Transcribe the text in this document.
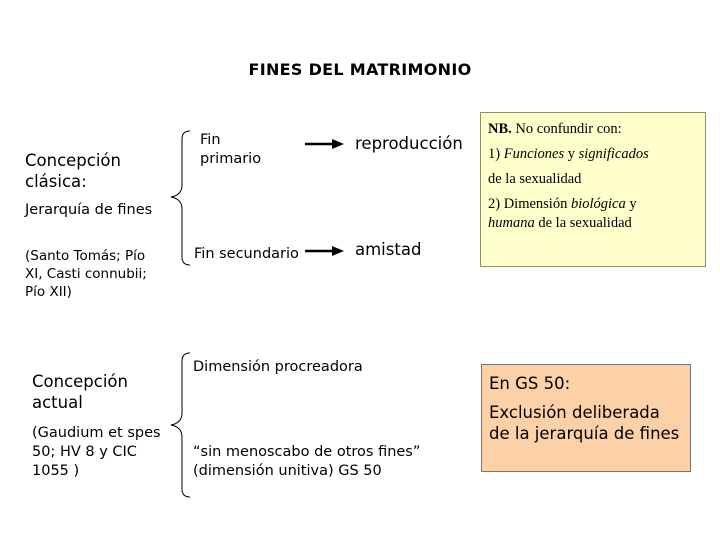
FINES DEL MATRIMONIO
Concepción clásica:
Jerarquía de fines
(Santo Tomás; Pío XI, Casti connubii; Pío XII)
Fin primario
Fin secundario
reproducción
amistad

NB. No confundir con:

1) Funciones y significados

de la sexualidad

2) Dimensión biológica y

humana de la sexualidad

Concepción actual
(Gaudium et spes 50; HV 8 y CIC 1055 )
Dimensión procreadora
“sin menoscabo de otros fines” (dimensión unitiva) GS 50

En GS 50:

Exclusión deliberada de la jerarquía de fines
